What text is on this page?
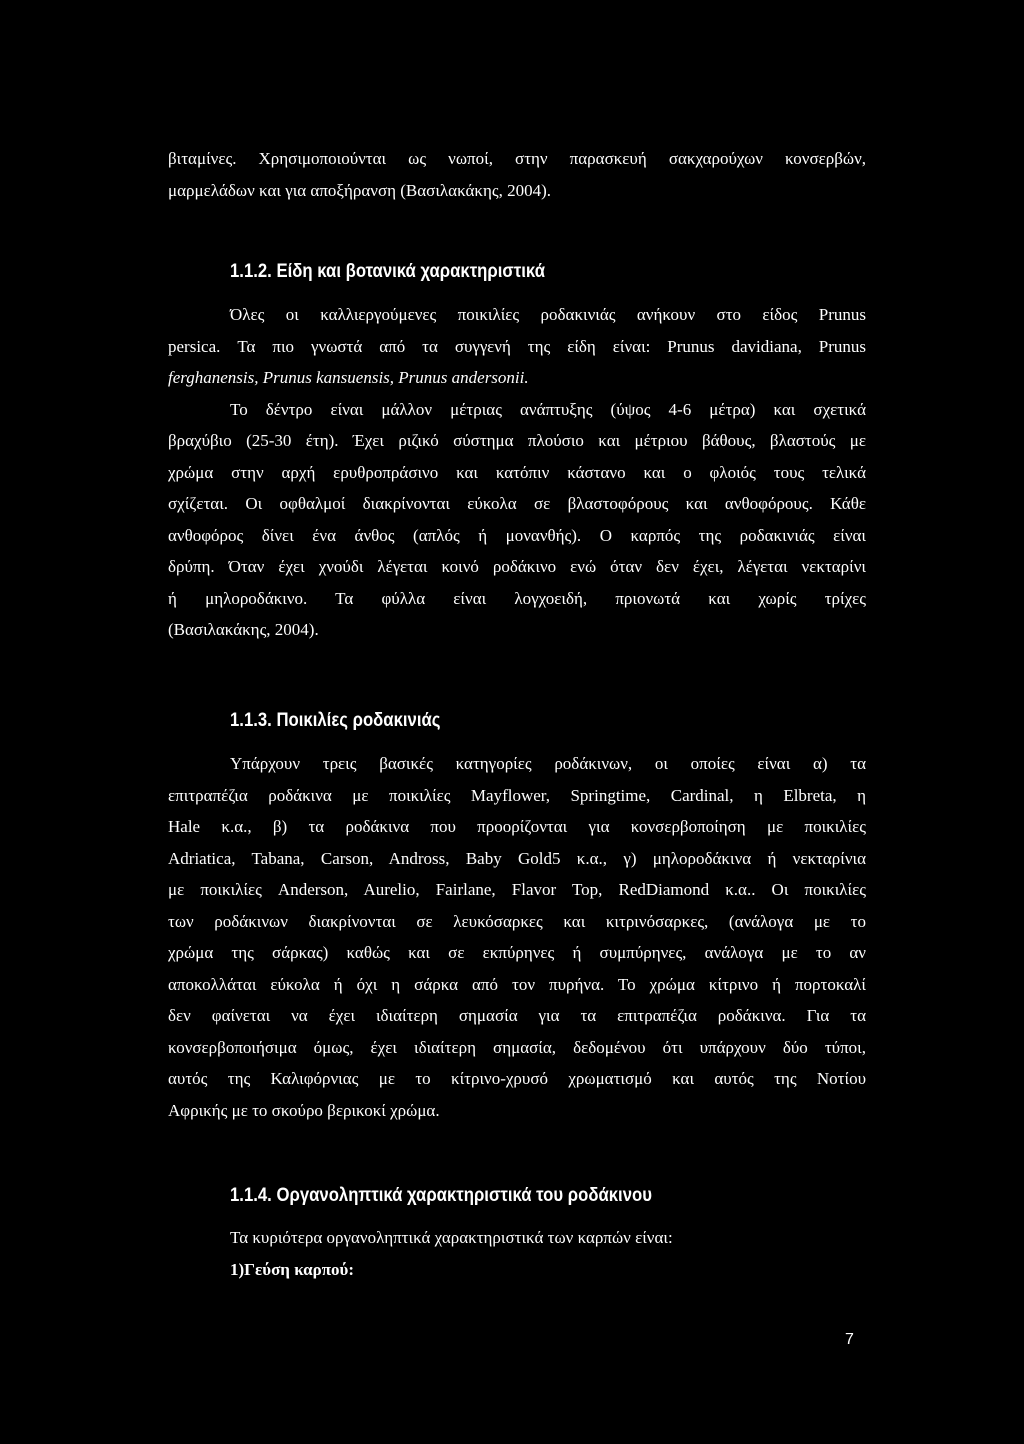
βιταμίνες. Χρησιμοποιούνται ως νωποί, στην παρασκευή σακχαρούχων κονσερβών,
μαρμελάδων και για αποξήρανση (Βασιλακάκης, 2004).
1.1.2. Είδη και βοτανικά χαρακτηριστικά
Όλες οι καλλιεργούμενες ποικιλίες ροδακινιάς ανήκουν στο είδος Prunus
persica. Τα πιο γνωστά από τα συγγενή της είδη είναι: Prunus davidiana, Prunus
ferghanensis, Prunus kansuensis, Prunus andersonii.
Το δέντρο είναι μάλλον μέτριας ανάπτυξης (ύψος 4-6 μέτρα) και σχετικά
βραχύβιο (25-30 έτη). Έχει ριζικό σύστημα πλούσιο και μέτριου βάθους, βλαστούς με
χρώμα στην αρχή ερυθροπράσινο και κατόπιν κάστανο και ο φλοιός τους τελικά
σχίζεται. Οι οφθαλμοί διακρίνονται εύκολα σε βλαστοφόρους και ανθοφόρους. Κάθε
ανθοφόρος δίνει ένα άνθος (απλός ή μονανθής). Ο καρπός της ροδακινιάς είναι
δρύπη. Όταν έχει χνούδι λέγεται κοινό ροδάκινο ενώ όταν δεν έχει, λέγεται νεκταρίνι
ή μηλοροδάκινο. Τα φύλλα είναι λογχοειδή, πριονωτά και χωρίς τρίχες
(Βασιλακάκης, 2004).
1.1.3. Ποικιλίες ροδακινιάς
Υπάρχουν τρεις βασικές κατηγορίες ροδάκινων, οι οποίες είναι α) τα
επιτραπέζια ροδάκινα με ποικιλίες Mayflower, Springtime, Cardinal, η Elbreta, η
Hale κ.α., β) τα ροδάκινα που προορίζονται για κονσερβοποίηση με ποικιλίες
Adriatica, Tabana, Carson, Andross, Baby Gold5 κ.α., γ) μηλοροδάκινα ή νεκταρίνια
με ποικιλίες Anderson, Aurelio, Fairlane, Flavor Top, RedDiamond κ.α.. Οι ποικιλίες
των ροδάκινων διακρίνονται σε λευκόσαρκες και κιτρινόσαρκες, (ανάλογα με το
χρώμα της σάρκας) καθώς και σε εκπύρηνες ή συμπύρηνες, ανάλογα με το αν
αποκολλάται εύκολα ή όχι η σάρκα από τον πυρήνα. Το χρώμα κίτρινο ή πορτοκαλί
δεν φαίνεται να έχει ιδιαίτερη σημασία για τα επιτραπέζια ροδάκινα. Για τα
κονσερβοποιήσιμα όμως, έχει ιδιαίτερη σημασία, δεδομένου ότι υπάρχουν δύο τύποι,
αυτός της Καλιφόρνιας με το κίτρινο-χρυσό χρωματισμό και αυτός της Νοτίου
Αφρικής με το σκούρο βερικοκί χρώμα.
1.1.4. Οργανοληπτικά χαρακτηριστικά του ροδάκινου
Τα κυριότερα οργανοληπτικά χαρακτηριστικά των καρπών είναι:
1)Γεύση καρπού:
7
